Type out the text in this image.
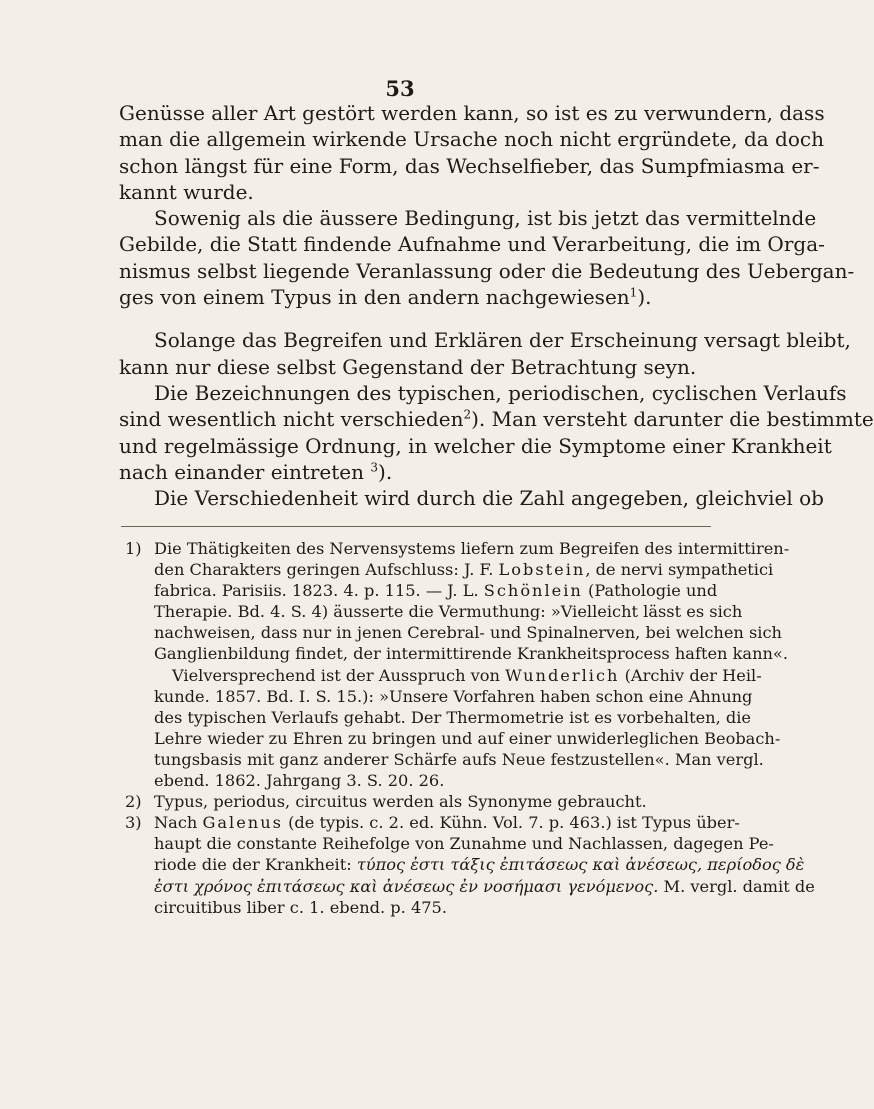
53

Genüsse aller Art gestört werden kann, so ist es zu verwundern, dass
man die allgemein wirkende Ursache noch nicht ergründete, da doch
schon längst für eine Form, das Wechselfieber, das Sumpfmiasma er-
kannt wurde.

Sowenig als die äussere Bedingung, ist bis jetzt das vermittelnde
Gebilde, die Statt findende Aufnahme und Verarbeitung, die im Orga-
nismus selbst liegende Veranlassung oder die Bedeutung des Uebergan-
ges von einem Typus in den andern nachgewiesen$^1$).

Solange das Begreifen und Erklären der Erscheinung versagt bleibt,
kann nur diese selbst Gegenstand der Betrachtung seyn.

Die Bezeichnungen des typischen, periodischen, cyclischen Verlaufs
sind wesentlich nicht verschieden$^2$). Man versteht darunter die bestimmte
und regelmässige Ordnung, in welcher die Symptome einer Krankheit
nach einander eintreten $^3$).

Die Verschiedenheit wird durch die Zahl angegeben, gleichviel ob

1) Die Thätigkeiten des Nervensystems liefern zum Begreifen des intermittiren-
den Charakters geringen Aufschluss: J. F. Lobstein, de nervi sympathetici
fabrica. Parisiis. 1823. 4. p. 115. — J. L. Schönlein (Pathologie und
Therapie. Bd. 4. S. 4) äusserte die Vermuthung: »Vielleicht lässt es sich
nachweisen, dass nur in jenen Cerebral- und Spinalnerven, bei welchen sich
Ganglienbildung findet, der intermittirende Krankheitsprocess haften kann«.
Vielversprechend ist der Ausspruch von Wunderlich (Archiv der Heil-
kunde. 1857. Bd. I. S. 15.): »Unsere Vorfahren haben schon eine Ahnung
des typischen Verlaufs gehabt. Der Thermometrie ist es vorbehalten, die
Lehre wieder zu Ehren zu bringen und auf einer unwiderleglichen Beobach-
tungsbasis mit ganz anderer Schärfe aufs Neue festzustellen«. Man vergl.
ebend. 1862. Jahrgang 3. S. 20. 26.
2) Typus, periodus, circuitus werden als Synonyme gebraucht.
3) Nach Galenus (de typis. c. 2. ed. Kühn. Vol. 7. p. 463.) ist Typus über-
haupt die constante Reihefolge von Zunahme und Nachlassen, dagegen Pe-
riode die der Krankheit: τύπος ἐστι τάξις ἐπιτάσεως καὶ ἀνέσεως, περίοδος δὲ
ἐστι χρόνος ἐπιτάσεως καὶ ἀνέσεως ἐν νοσήμασι γενόμενος. M. vergl. damit de
circuitibus liber c. 1. ebend. p. 475.
